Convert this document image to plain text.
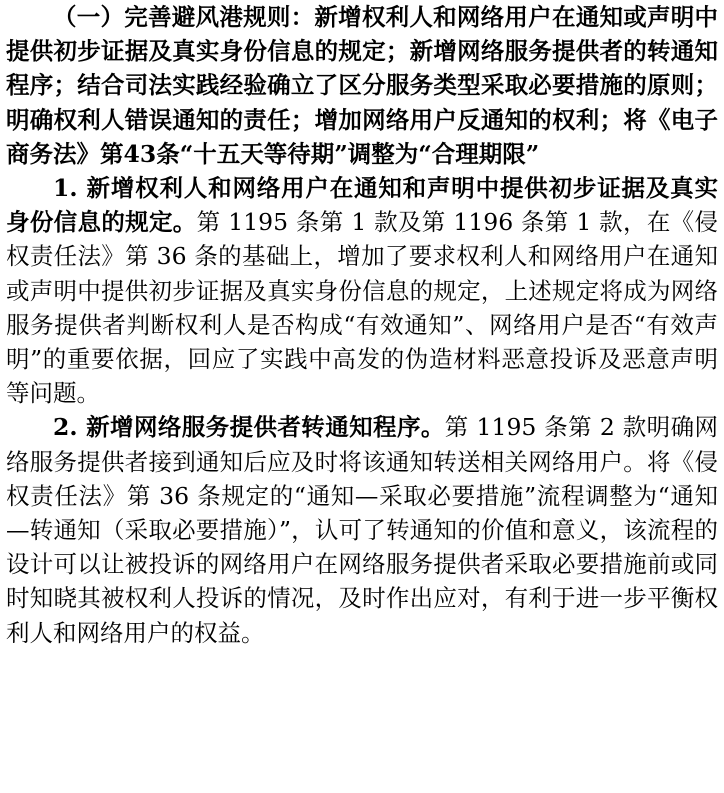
（一）完善避风港规则：新增权利人和网络用户在通知或声明中提供初步证据及真实身份信息的规定；新增网络服务提供者的转通知程序；结合司法实践经验确立了区分服务类型采取必要措施的原则；明确权利人错误通知的责任；增加网络用户反通知的权利；将《电子商务法》第43条“十五天等待期”调整为“合理期限”

1. 新增权利人和网络用户在通知和声明中提供初步证据及真实身份信息的规定。第 1195 条第 1 款及第 1196 条第 1 款，在《侵权责任法》第 36 条的基础上，增加了要求权利人和网络用户在通知或声明中提供初步证据及真实身份信息的规定，上述规定将成为网络服务提供者判断权利人是否构成“有效通知”、网络用户是否“有效声明”的重要依据，回应了实践中高发的伪造材料恶意投诉及恶意声明等问题。

2. 新增网络服务提供者转通知程序。第 1195 条第 2 款明确网络服务提供者接到通知后应及时将该通知转送相关网络用户。将《侵权责任法》第 36 条规定的“通知—采取必要措施”流程调整为“通知—转通知（采取必要措施）”，认可了转通知的价值和意义，该流程的设计可以让被投诉的网络用户在网络服务提供者采取必要措施前或同时知晓其被权利人投诉的情况，及时作出应对，有利于进一步平衡权利人和网络用户的权益。
